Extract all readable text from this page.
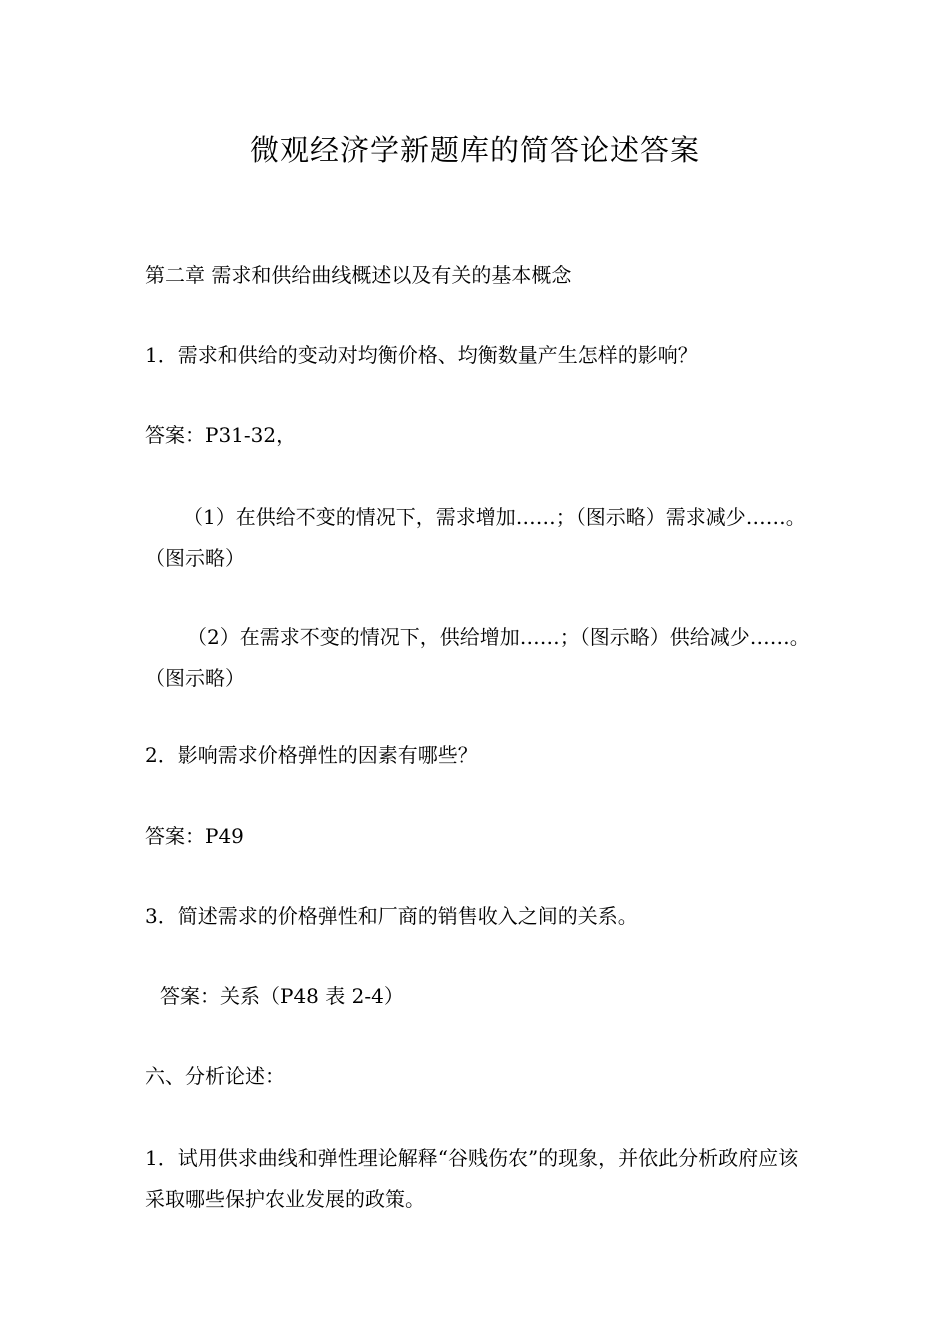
微观经济学新题库的简答论述答案
第二章 需求和供给曲线概述以及有关的基本概念
1．需求和供给的变动对均衡价格、均衡数量产生怎样的影响？
答案：P31-32，
（1）在供给不变的情况下，需求增加……；（图示略）需求减少……。（图示略）
（2）在需求不变的情况下，供给增加……；（图示略）供给减少……。（图示略）
2．影响需求价格弹性的因素有哪些？
答案：P49
3．简述需求的价格弹性和厂商的销售收入之间的关系。
答案：关系（P48 表 2-4）
六、分析论述：
1．试用供求曲线和弹性理论解释“谷贱伤农”的现象，并依此分析政府应该采取哪些保护农业发展的政策。
